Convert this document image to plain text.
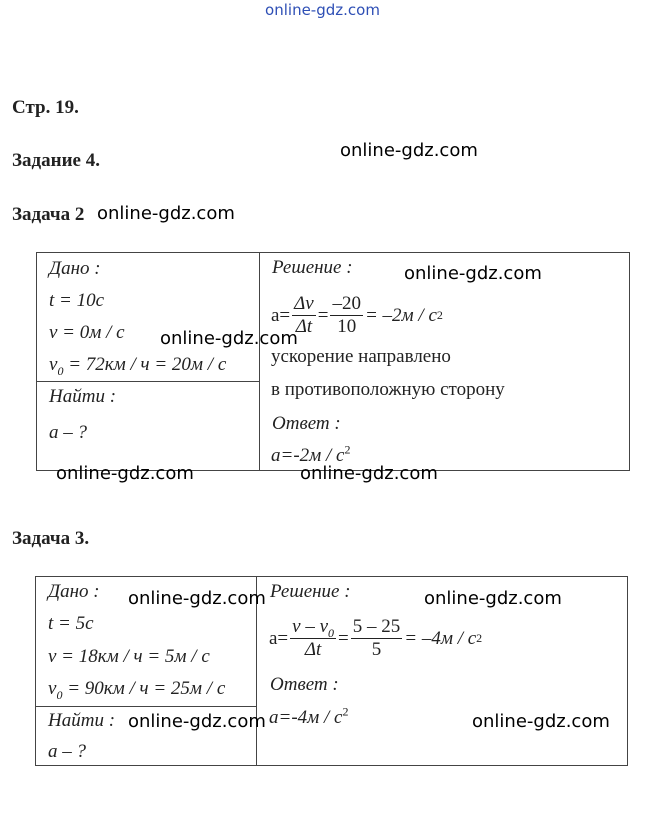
online-gdz.com
Стр. 19.
Задание 4.
Задача 2
Дано :
t = 10c
v = 0м / c
$v_0 = 72км / ч = 20м / c$
Найти :
a – ?
Решение :
$a= \frac{\Delta v}{\Delta t} = \frac{-20}{10} = -2м / c$ 2
ускорение направлено
в противоположную сторону
Ответ :
$a=-2м / c^2$
Задача 3.
Дано :
t = 5c
v = 18км / ч = 5м / c
$v_0 = 90км / ч = 25м / c$
Найти :
a – ?
Решение :
$a= \frac{v - v_0}{\Delta t} = \frac{5 - 25}{5} = -4м / c$ 2
Ответ :
$a=-4м / c^2$
online-gdz.com
online-gdz.com
online-gdz.com
online-gdz.com
online-gdz.com	online-gdz.com
online-gdz.com	online-gdz.com
online-gdz.com	online-gdz.com
